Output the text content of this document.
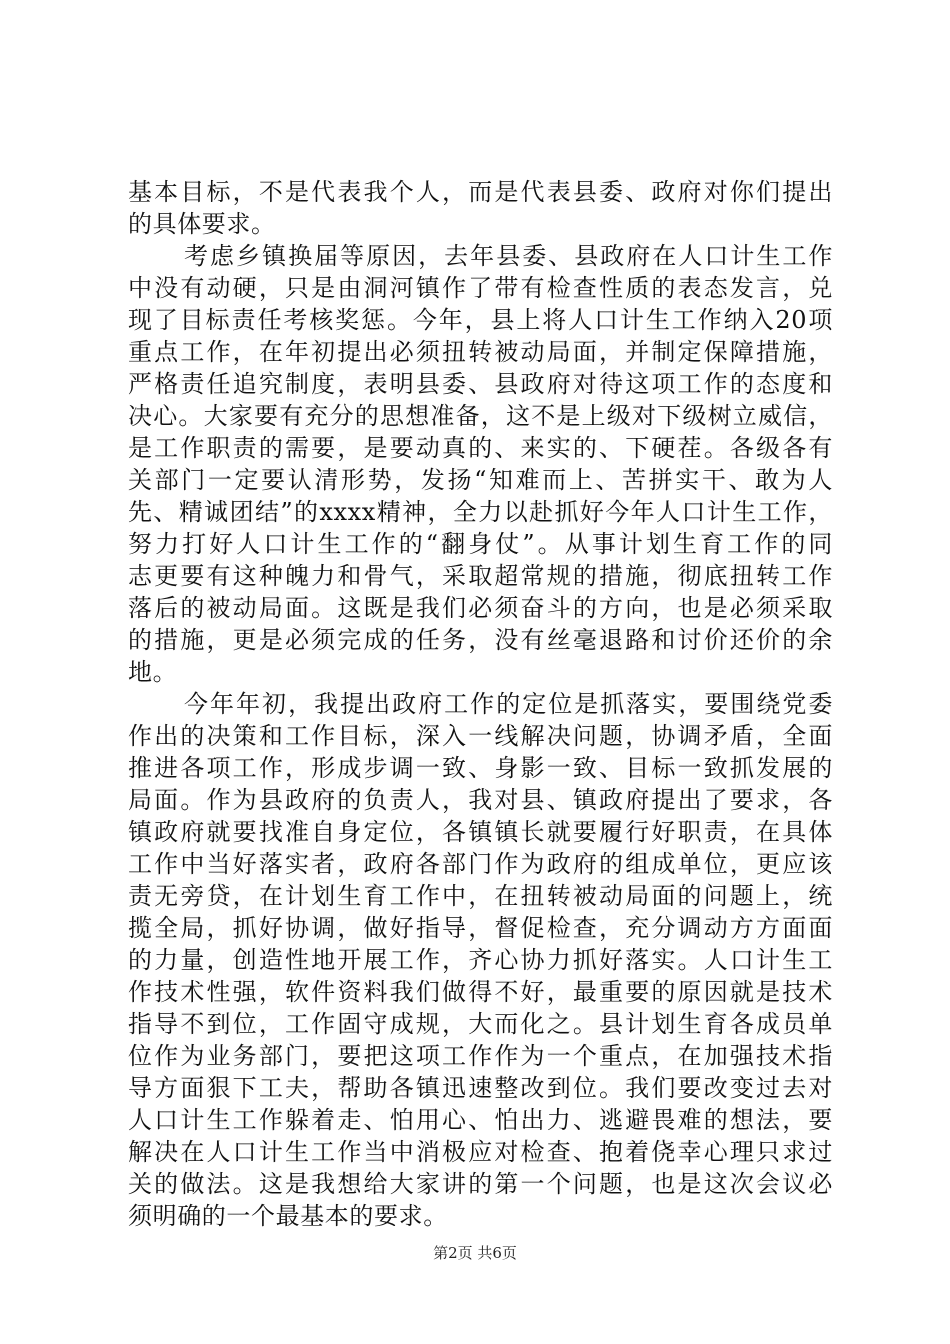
基本目标，不是代表我个人，而是代表县委、政府对你们提出
的具体要求。
考虑乡镇换届等原因，去年县委、县政府在人口计生工作
中没有动硬，只是由洞河镇作了带有检查性质的表态发言，兑
现了目标责任考核奖惩。今年，县上将人口计生工作纳入20项
重点工作，在年初提出必须扭转被动局面，并制定保障措施，
严格责任追究制度，表明县委、县政府对待这项工作的态度和
决心。大家要有充分的思想准备，这不是上级对下级树立威信，
是工作职责的需要，是要动真的、来实的、下硬茬。各级各有
关部门一定要认清形势，发扬“知难而上、苦拼实干、敢为人
先、精诚团结”的xxxx精神，全力以赴抓好今年人口计生工作，
努力打好人口计生工作的“翻身仗”。从事计划生育工作的同
志更要有这种魄力和骨气，采取超常规的措施，彻底扭转工作
落后的被动局面。这既是我们必须奋斗的方向，也是必须采取
的措施，更是必须完成的任务，没有丝毫退路和讨价还价的余
地。
今年年初，我提出政府工作的定位是抓落实，要围绕党委
作出的决策和工作目标，深入一线解决问题，协调矛盾，全面
推进各项工作，形成步调一致、身影一致、目标一致抓发展的
局面。作为县政府的负责人，我对县、镇政府提出了要求，各
镇政府就要找准自身定位，各镇镇长就要履行好职责，在具体
工作中当好落实者，政府各部门作为政府的组成单位，更应该
责无旁贷，在计划生育工作中，在扭转被动局面的问题上，统
揽全局，抓好协调，做好指导，督促检查，充分调动方方面面
的力量，创造性地开展工作，齐心协力抓好落实。人口计生工
作技术性强，软件资料我们做得不好，最重要的原因就是技术
指导不到位，工作固守成规，大而化之。县计划生育各成员单
位作为业务部门，要把这项工作作为一个重点，在加强技术指
导方面狠下工夫，帮助各镇迅速整改到位。我们要改变过去对
人口计生工作躲着走、怕用心、怕出力、逃避畏难的想法，要
解决在人口计生工作当中消极应对检查、抱着侥幸心理只求过
关的做法。这是我想给大家讲的第一个问题，也是这次会议必
须明确的一个最基本的要求。
第2页 共6页
